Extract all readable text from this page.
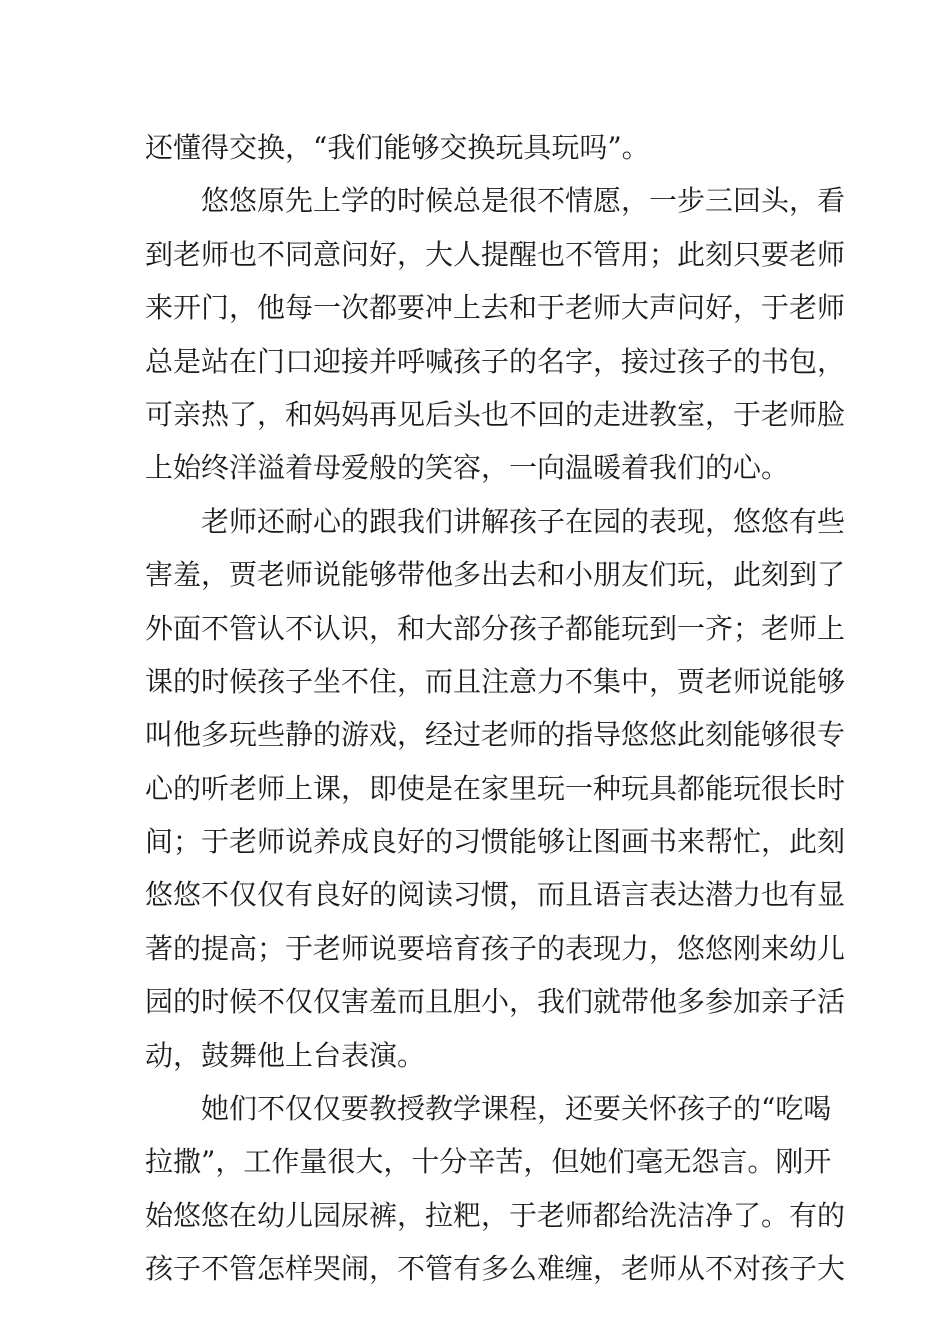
还懂得交换，“我们能够交换玩具玩吗”。
悠悠原先上学的时候总是很不情愿，一步三回头，看
到老师也不同意问好，大人提醒也不管用；此刻只要老师
来开门，他每一次都要冲上去和于老师大声问好，于老师
总是站在门口迎接并呼喊孩子的名字，接过孩子的书包，
可亲热了，和妈妈再见后头也不回的走进教室，于老师脸
上始终洋溢着母爱般的笑容，一向温暖着我们的心。
老师还耐心的跟我们讲解孩子在园的表现，悠悠有些
害羞，贾老师说能够带他多出去和小朋友们玩，此刻到了
外面不管认不认识，和大部分孩子都能玩到一齐；老师上
课的时候孩子坐不住，而且注意力不集中，贾老师说能够
叫他多玩些静的游戏，经过老师的指导悠悠此刻能够很专
心的听老师上课，即使是在家里玩一种玩具都能玩很长时
间；于老师说养成良好的习惯能够让图画书来帮忙，此刻
悠悠不仅仅有良好的阅读习惯，而且语言表达潜力也有显
著的提高；于老师说要培育孩子的表现力，悠悠刚来幼儿
园的时候不仅仅害羞而且胆小，我们就带他多参加亲子活
动，鼓舞他上台表演。
她们不仅仅要教授教学课程，还要关怀孩子的“吃喝
拉撒”，工作量很大，十分辛苦，但她们毫无怨言。刚开
始悠悠在幼儿园尿裤，拉粑，于老师都给洗洁净了。有的
孩子不管怎样哭闹，不管有多么难缠，老师从不对孩子大
